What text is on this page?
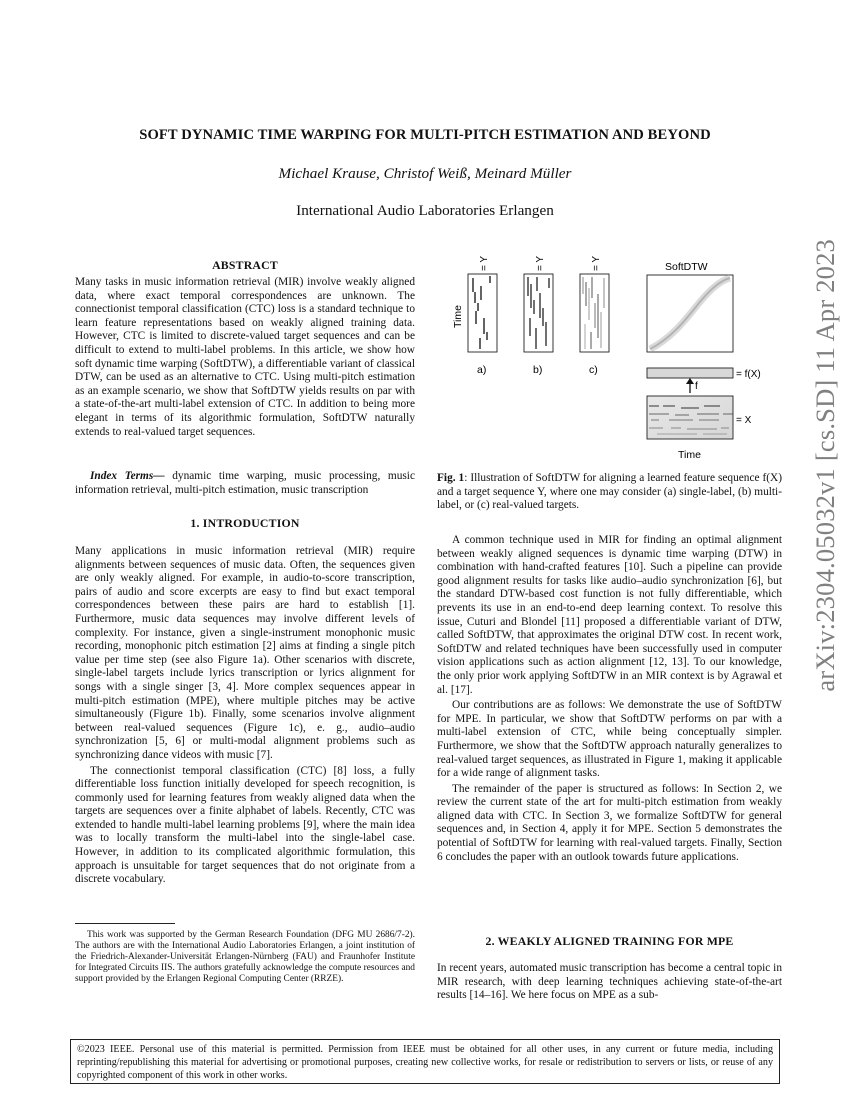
SOFT DYNAMIC TIME WARPING FOR MULTI-PITCH ESTIMATION AND BEYOND
Michael Krause, Christof Weiß, Meinard Müller
International Audio Laboratories Erlangen
arXiv:2304.05032v1 [cs.SD] 11 Apr 2023
ABSTRACT

Many tasks in music information retrieval (MIR) involve weakly aligned data, where exact temporal correspondences are unknown. The connectionist temporal classification (CTC) loss is a standard technique to learn feature representations based on weakly aligned training data. However, CTC is limited to discrete-valued target sequences and can be difficult to extend to multi-label problems. In this article, we show how soft dynamic time warping (SoftDTW), a differentiable variant of classical DTW, can be used as an alternative to CTC. Using multi-pitch estimation as an example scenario, we show that SoftDTW yields results on par with a state-of-the-art multi-label extension of CTC. In addition to being more elegant in terms of its algorithmic formulation, SoftDTW naturally extends to real-valued target sequences.

Index Terms— dynamic time warping, music processing, music information retrieval, multi-pitch estimation, music transcription

1. INTRODUCTION

Many applications in music information retrieval (MIR) require alignments between sequences of music data. Often, the sequences given are only weakly aligned. For example, in audio-to-score transcription, pairs of audio and score excerpts are easy to find but exact temporal correspondences between these pairs are hard to establish [1]. Furthermore, music data sequences may involve different levels of complexity. For instance, given a single-instrument monophonic music recording, monophonic pitch estimation [2] aims at finding a single pitch value per time step (see also Figure 1a). Other scenarios with discrete, single-label targets include lyrics transcription or lyrics alignment for songs with a single singer [3, 4]. More complex sequences appear in multi-pitch estimation (MPE), where multiple pitches may be active simultaneously (Figure 1b). Finally, some scenarios involve alignment between real-valued sequences (Figure 1c), e. g., audio–audio synchronization [5, 6] or multi-modal alignment problems such as synchronizing dance videos with music [7].

The connectionist temporal classification (CTC) [8] loss, a fully differentiable loss function initially developed for speech recognition, is commonly used for learning features from weakly aligned data when the targets are sequences over a finite alphabet of labels. Recently, CTC was extended to handle multi-label learning problems [9], where the main idea was to locally transform the multi-label into the single-label case. However, in addition to its complicated algorithmic formulation, this approach is unsuitable for target sequences that do not originate from a discrete vocabulary.

This work was supported by the German Research Foundation (DFG MU 2686/7-2). The authors are with the International Audio Laboratories Erlangen, a joint institution of the Friedrich-Alexander-Universität Erlangen-Nürnberg (FAU) and Fraunhofer Institute for Integrated Circuits IIS. The authors gratefully acknowledge the compute resources and support provided by the Erlangen Regional Computing Center (RRZE).

Time
= Y
a)
= Y
b)
= Y
c)
SoftDTW
= f(X)
f
= X
Time
Fig. 1: Illustration of SoftDTW for aligning a learned feature sequence f(X) and a target sequence Y, where one may consider (a) single-label, (b) multi-label, or (c) real-valued targets.

A common technique used in MIR for finding an optimal alignment between weakly aligned sequences is dynamic time warping (DTW) in combination with hand-crafted features [10]. Such a pipeline can provide good alignment results for tasks like audio–audio synchronization [6], but the standard DTW-based cost function is not fully differentiable, which prevents its use in an end-to-end deep learning context. To resolve this issue, Cuturi and Blondel [11] proposed a differentiable variant of DTW, called SoftDTW, that approximates the original DTW cost. In recent work, SoftDTW and related techniques have been successfully used in computer vision applications such as action alignment [12, 13]. To our knowledge, the only prior work applying SoftDTW in an MIR context is by Agrawal et al. [17].

Our contributions are as follows: We demonstrate the use of SoftDTW for MPE. In particular, we show that SoftDTW performs on par with a multi-label extension of CTC, while being conceptually simpler. Furthermore, we show that the SoftDTW approach naturally generalizes to real-valued target sequences, as illustrated in Figure 1, making it applicable for a wide range of alignment tasks.

The remainder of the paper is structured as follows: In Section 2, we review the current state of the art for multi-pitch estimation from weakly aligned data with CTC. In Section 3, we formalize SoftDTW for general sequences and, in Section 4, apply it for MPE. Section 5 demonstrates the potential of SoftDTW for learning with real-valued targets. Finally, Section 6 concludes the paper with an outlook towards future applications.

2. WEAKLY ALIGNED TRAINING FOR MPE

In recent years, automated music transcription has become a central topic in MIR research, with deep learning techniques achieving state-of-the-art results [14–16]. We here focus on MPE as a sub-

©2023 IEEE. Personal use of this material is permitted. Permission from IEEE must be obtained for all other uses, in any current or future media, including reprinting/republishing this material for advertising or promotional purposes, creating new collective works, for resale or redistribution to servers or lists, or reuse of any copyrighted component of this work in other works.
